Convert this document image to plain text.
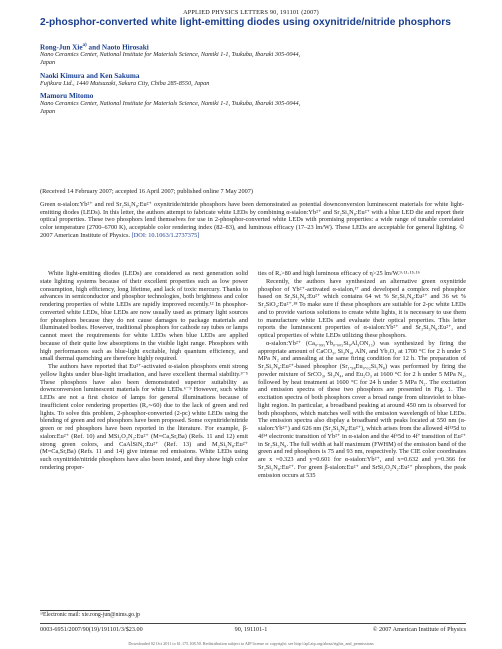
APPLIED PHYSICS LETTERS 90, 191101 (2007)
2-phosphor-converted white light-emitting diodes using oxynitride/nitride phosphors
Rong-Jun Xie$^{a)}$ and Naoto Hirosaki
Nano Ceramics Center, National Institute for Materials Science, Namiki 1-1, Tsukuba, Ibaraki 305-0044,
Japan
Naoki Kimura and Ken Sakuma
Fujikura Ltd., 1440 Mutsuzaki, Sakura City, Chiba 285-8550, Japan
Mamoru Mitomo
Nano Ceramics Center, National Institute for Materials Science, Namiki 1-1, Tsukuba, Ibaraki 305-0044,
Japan
(Received 14 February 2007; accepted 16 April 2007; published online 7 May 2007)
Green α-sialon:Yb²⁺ and red Sr₂Si₅N₈:Eu²⁺ oxynitride/nitride phosphors have been demonstrated as potential downconversion luminescent materials for white light-emitting diodes (LEDs). In this letter, the authors attempt to fabricate white LEDs by combining α-sialon:Yb²⁺ and Sr₂Si₅N₈:Eu²⁺ with a blue LED die and report their optical properties. These two phosphors lend themselves for use in 2-phosphor-converted white LEDs with promising properties: a wide range of tunable correlated color temperature (2700–6700 K), acceptable color rendering index (82–83), and luminous efficacy (17–23 lm/W). These LEDs are acceptable for general lighting. © 2007 American Institute of Physics. [DOI: 10.1063/1.2737375]

White light-emitting diodes (LEDs) are considered as next generation solid state lighting systems because of their excellent properties such as low power consumption, high efficiency, long lifetime, and lack of toxic mercury. Thanks to advances in semiconductor and phosphor technologies, both brightness and color rendering properties of white LEDs are rapidly improved recently.¹² In phosphor-converted white LEDs, blue LEDs are now usually used as primary light sources for phosphors because they do not cause damages to package materials and illuminated bodies. However, traditional phosphors for cathode ray tubes or lamps cannot meet the requirements for white LEDs when blue LEDs are applied because of their quite low absorptions in the visible light range. Phosphors with high performances such as blue-light excitable, high quantum efficiency, and small thermal quenching are therefore highly required.

The authors have reported that Eu²⁺-activated α-sialon phosphors emit strong yellow lights under blue-light irradiation, and have excellent thermal stability.³⁻⁵ These phosphors have also been demonstrated superior suitability as downconversion luminescent materials for white LEDs.⁶⁻⁹ However, such white LEDs are not a first choice of lamps for general illuminations because of insufficient color rendering properties (Rₐ∼60) due to the lack of green and red lights. To solve this problem, 2-phosphor-converted (2-pc) white LEDs using the blending of green and red phosphors have been proposed. Some oxynitride/nitride green or red phosphors have been reported in the literature. For example, β-sialon:Eu²⁺ (Ref. 10) and MSi₂O₂N₂:Eu²⁺ (M=Ca,Sr,Ba) (Refs. 11 and 12) emit strong green colors, and CaAlSiN₃:Eu²⁺ (Ref. 13) and M₂Si₅N₈:Eu²⁺ (M=Ca,Sr,Ba) (Refs. 11 and 14) give intense red emissions. White LEDs using such oxynitride/nitride phosphors have also been tested, and they show high color rendering proper-

ties of Rₐ>80 and high luminous efficacy of η>25 lm/W.⁹·¹¹·¹⁵·¹⁶

Recently, the authors have synthesized an alternative green oxynitride phosphor of Yb²⁺-activated α-sialon,¹⁷ and developed a complex red phosphor based on Sr₂Si₅N₈:Eu²⁺ which contains 64 wt % Sr₂Si₅N₈:Eu²⁺ and 36 wt % Sr₂SiO₄:Eu²⁺.¹⁸ To make sure if these phosphors are suitable for 2-pc white LEDs and to provide various solutions to create white lights, it is necessary to use them to manufacture white LEDs and evaluate their optical properties. This letter reports the luminescent properties of α-sialon:Yb²⁺ and Sr₂Si₅N₈:Eu²⁺, and optical properties of white LEDs utilizing these phosphors.

α-sialon:Yb²⁺ (Ca₀.₉₉₅Yb₀.₀₀₅Si₉Al₃ON₁₅) was synthesized by firing the appropriate amount of CaCO₃, Si₃N₄, AlN, and Yb₂O₃ at 1700 °C for 2 h under 5 MPa N₂ and annealing at the same firing condition for 12 h. The preparation of Sr₂Si₅N₈:Eu²⁺-based phosphor (Sr₁.₉₈Eu₀.₀₂Si₅N₈) was performed by firing the powder mixture of SrCO₃, Si₃N₄, and Eu₂O₃ at 1600 °C for 2 h under 5 MPa N₂, followed by heat treatment at 1600 °C for 24 h under 5 MPa N₂. The excitation and emission spectra of these two phosphors are presented in Fig. 1. The excitation spectra of both phosphors cover a broad range from ultraviolet to blue-light region. In particular, a broadband peaking at around 450 nm is observed for both phosphors, which matches well with the emission wavelength of blue LEDs. The emission spectra also display a broadband with peaks located at 550 nm (α-sialon:Yb²⁺) and 626 nm (Sr₂Si₅N₈:Eu²⁺), which arises from the allowed 4f¹³5d to 4f¹⁴ electronic transition of Yb²⁺ in α-sialon and the 4f⁶5d to 4f⁷ transition of Eu²⁺ in Sr₂Si₅N₈. The full width at half maximum (FWHM) of the emission band of the green and red phosphors is 75 and 93 nm, respectively. The CIE color coordinates are x =0.323 and y=0.601 for α-sialon:Yb²⁺, and x=0.632 and y=0.366 for Sr₂Si₅N₈:Eu²⁺. For green β-sialon:Eu²⁺ and SrSi₂O₂N₂:Eu²⁺ phosphors, the peak emission occurs at 535

ᵃ⁾Electronic mail: xie.rong-jun@nims.go.jp
0003-6951/2007/90(19)/191101/3/$23.00	90, 191101-1	© 2007 American Institute of Physics
Downloaded 02 Oct 2011 to 61.175.108.50. Redistribution subject to AIP license or copyright; see http://apl.aip.org/about/rights_and_permissions
